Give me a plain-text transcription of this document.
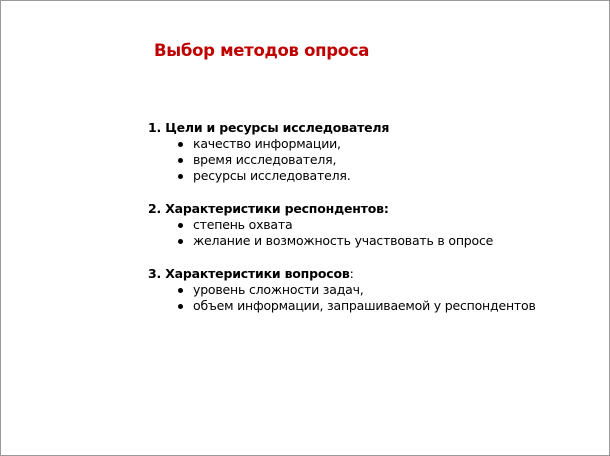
Выбор методов опроса
1. Цели и ресурсы исследователя
качество информации,
время исследователя,
ресурсы исследователя.
2. Характеристики респондентов:
степень охвата
желание и возможность участвовать в опросе
3. Характеристики вопросов:
уровень сложности задач,
объем информации, запрашиваемой у респондентов
